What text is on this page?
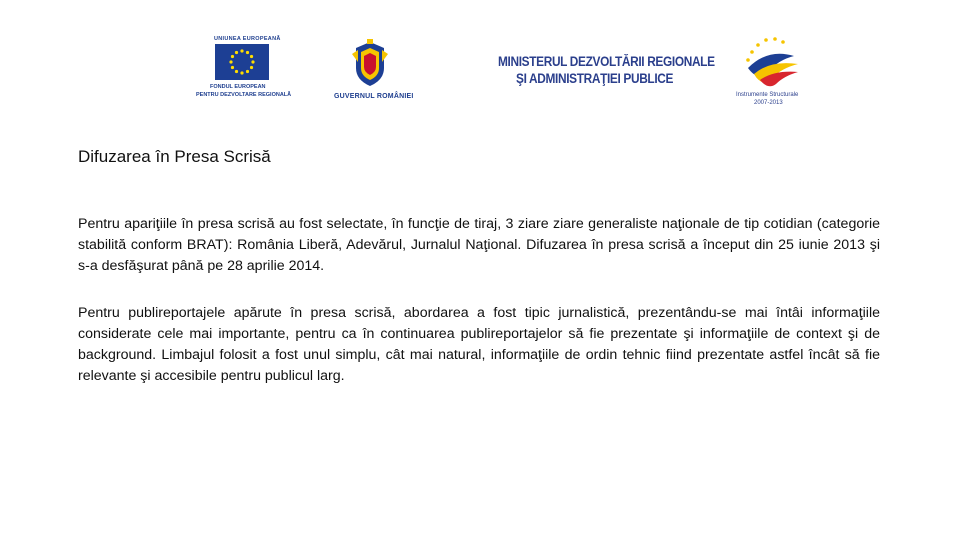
UNIUNEA EUROPEANĂ
FONDUL EUROPEAN
PENTRU DEZVOLTARE REGIONALĂ	GUVERNUL ROMÂNIEI
MINISTERUL DEZVOLTĂRII REGIONALE
ŞI ADMINISTRAŢIEI PUBLICE
Instrumente Structurale
2007-2013
Difuzarea în Presa Scrisă

Pentru apariţiile în presa scrisă au fost selectate, în funcţie de tiraj, 3 ziare ziare generaliste naţionale de tip cotidian (categorie stabilită conform BRAT): România Liberă, Adevărul, Jurnalul Naţional. Difuzarea în presa scrisă a început din 25 iunie 2013 şi s-a desfăşurat până pe 28 aprilie 2014.

Pentru publireportajele apărute în presa scrisă, abordarea a fost tipic jurnalistică, prezentându-se mai întâi informaţiile considerate cele mai importante, pentru ca în continuarea publireportajelor să fie prezentate şi informaţiile de context şi de background. Limbajul folosit a fost unul simplu, cât mai natural, informaţiile de ordin tehnic fiind prezentate astfel încât să fie relevante şi accesibile pentru publicul larg.
